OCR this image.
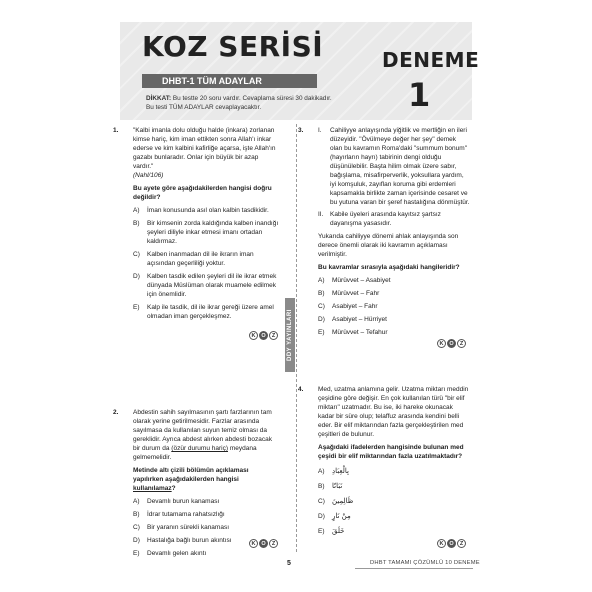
KOZ SERİSİ
DHBT-1 TÜM ADAYLAR
DİKKAT: Bu testte 20 soru vardır. Cevaplama süresi 30 dakikadır.
Bu testi TÜM ADAYLAR cevaplayacaktır.
DENEME
1
DDY YAYINLARI
1. "Kalbi imanla dolu olduğu halde (inkara) zorlanan kimse hariç, kim iman ettikten sonra Allah'ı inkar ederse ve kim kalbini kafirliğe açarsa, işte Allah'ın gazabı bunlaradır. Onlar için büyük bir azap vardır."
(Nahl/106)
Bu ayete göre aşağıdakilerden hangisi doğru değildir?
A) İman konusunda asıl olan kalbin tasdikidir.
B) Bir kimsenin zorda kaldığında kalben inandığı şeyleri diliyle inkar etmesi imanı ortadan kaldırmaz.
C) Kalben inanmadan dil ile ikrarın iman açısından geçerliliği yoktur.
D) Kalben tasdik edilen şeyleri dil ile ikrar etmek dünyada Müslüman olarak muamele edilmek için önemlidir.
E) Kalp ile tasdik, dil ile ikrar gereği üzere amel olmadan iman gerçekleşmez.
K	O	Z
2. Abdestin sahih sayılmasının şartı farzlarının tam olarak yerine getirilmesidir. Farzlar arasında sayılmasa da kullanılan suyun temiz olması da gereklidir. Ayrıca abdest alırken abdesti bozacak bir durum da (özür durumu hariç) meydana gelmemelidir.
Metinde altı çizili bölümün açıklaması yapılırken aşağıdakilerden hangisi kullanılamaz?
A) Devamlı burun kanaması
B) İdrar tutamama rahatsızlığı
C) Bir yaranın sürekli kanaması
D) Hastalığa bağlı burun akıntısı
E) Devamlı gelen akıntı
K	O	Z
3. I. Cahiliyye anlayışında yiğitlik ve mertliğin en ileri düzeyidir. "Övülmeye değer her şey" demek olan bu kavramın Roma'daki "summum bonum" (hayırların hayrı) tabirinin dengi olduğu düşünülebilir. Başta hilim olmak üzere sabır, bağışlama, misafirperverlik, yoksullara yardım, iyi komşuluk, zayıflan koruma gibi erdemleri kapsamakla birlikte zaman içerisinde cesaret ve bu yutuna varan bir şeref hastalığına dönmüştür.
II. Kabile üyeleri arasında kayıtsız şartsız dayanışma yasasıdır.
Yukarıda cahiliyye dönemi ahlak anlayışında son derece önemli olarak iki kavramın açıklaması verilmiştir.
Bu kavramlar sırasıyla aşağıdaki hangileridir?
A) Mürüvvet – Asabiyet
B) Mürüvvet – Fahr
C) Asabiyet – Fahr
D) Asabiyet – Hürriyet
E) Mürüvvet – Tefahur
K	O	Z
4. Med, uzatma anlamına gelir. Uzatma miktarı meddin çeşidine göre değişir. En çok kullanılan türü "bir elif miktarı" uzatmadır. Bu ise, iki hareke okunacak kadar bir süre olup; telaffuz arasında kendini belli eder. Bir elif miktarından fazla gerçekleştirilen med çeşitleri de bulunur.
Aşağıdaki ifadelerden hangisinde bulunan med çeşidi bir elif miktarından fazla uzatılmaktadır?
A) بِالْعِبَادِ
B) نَبَاتًا
C) ظَالِمِينَ
D) مِنْ نَارٍ
E) خَلَقَ
K	O	Z
5	DHBT TAMAMI ÇÖZÜMLÜ 10 DENEME
